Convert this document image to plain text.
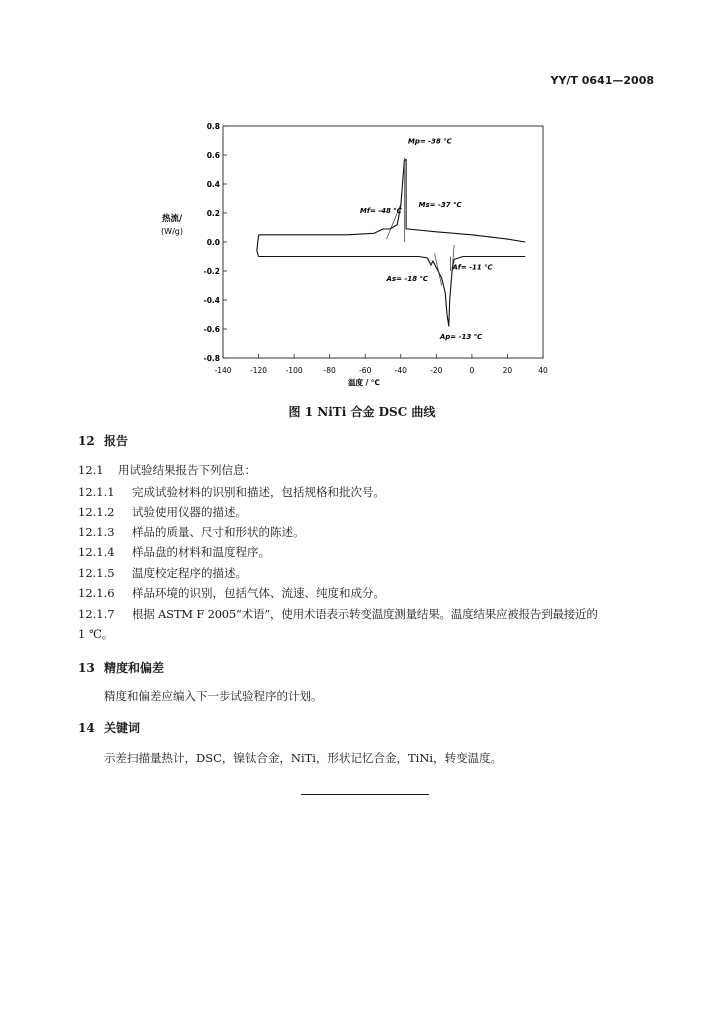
YY/T 0641—2008
0.8
0.6
0.4
0.2
0.0
-0.2
-0.4
-0.6
-0.8
-140 -120 -100	-80	-60	-40	-20	0	20	40
Mf= -48 ℃
Mp= -38 ℃
Ms= -37 ℃
As= -18 ℃
Af= -11 ℃
Ap= -13 ℃
热流/
(W/g)
温度 / ℃
图 1 NiTi 合金 DSC 曲线
12 报告
12.1 用试验结果报告下列信息：
12.1.1 完成试验材料的识别和描述，包括规格和批次号。
12.1.2 试验使用仪器的描述。
12.1.3 样品的质量、尺寸和形状的陈述。
12.1.4 样品盘的材料和温度程序。
12.1.5 温度校定程序的描述。
12.1.6 样品环境的识别，包括气体、流速、纯度和成分。
12.1.7 根据 ASTM F 2005“术语”，使用术语表示转变温度测量结果。温度结果应被报告到最接近的
1 ℃。
13 精度和偏差
精度和偏差应编入下一步试验程序的计划。
14 关键词
示差扫描量热计，DSC，镍钛合金，NiTi，形状记忆合金，TiNi，转变温度。
